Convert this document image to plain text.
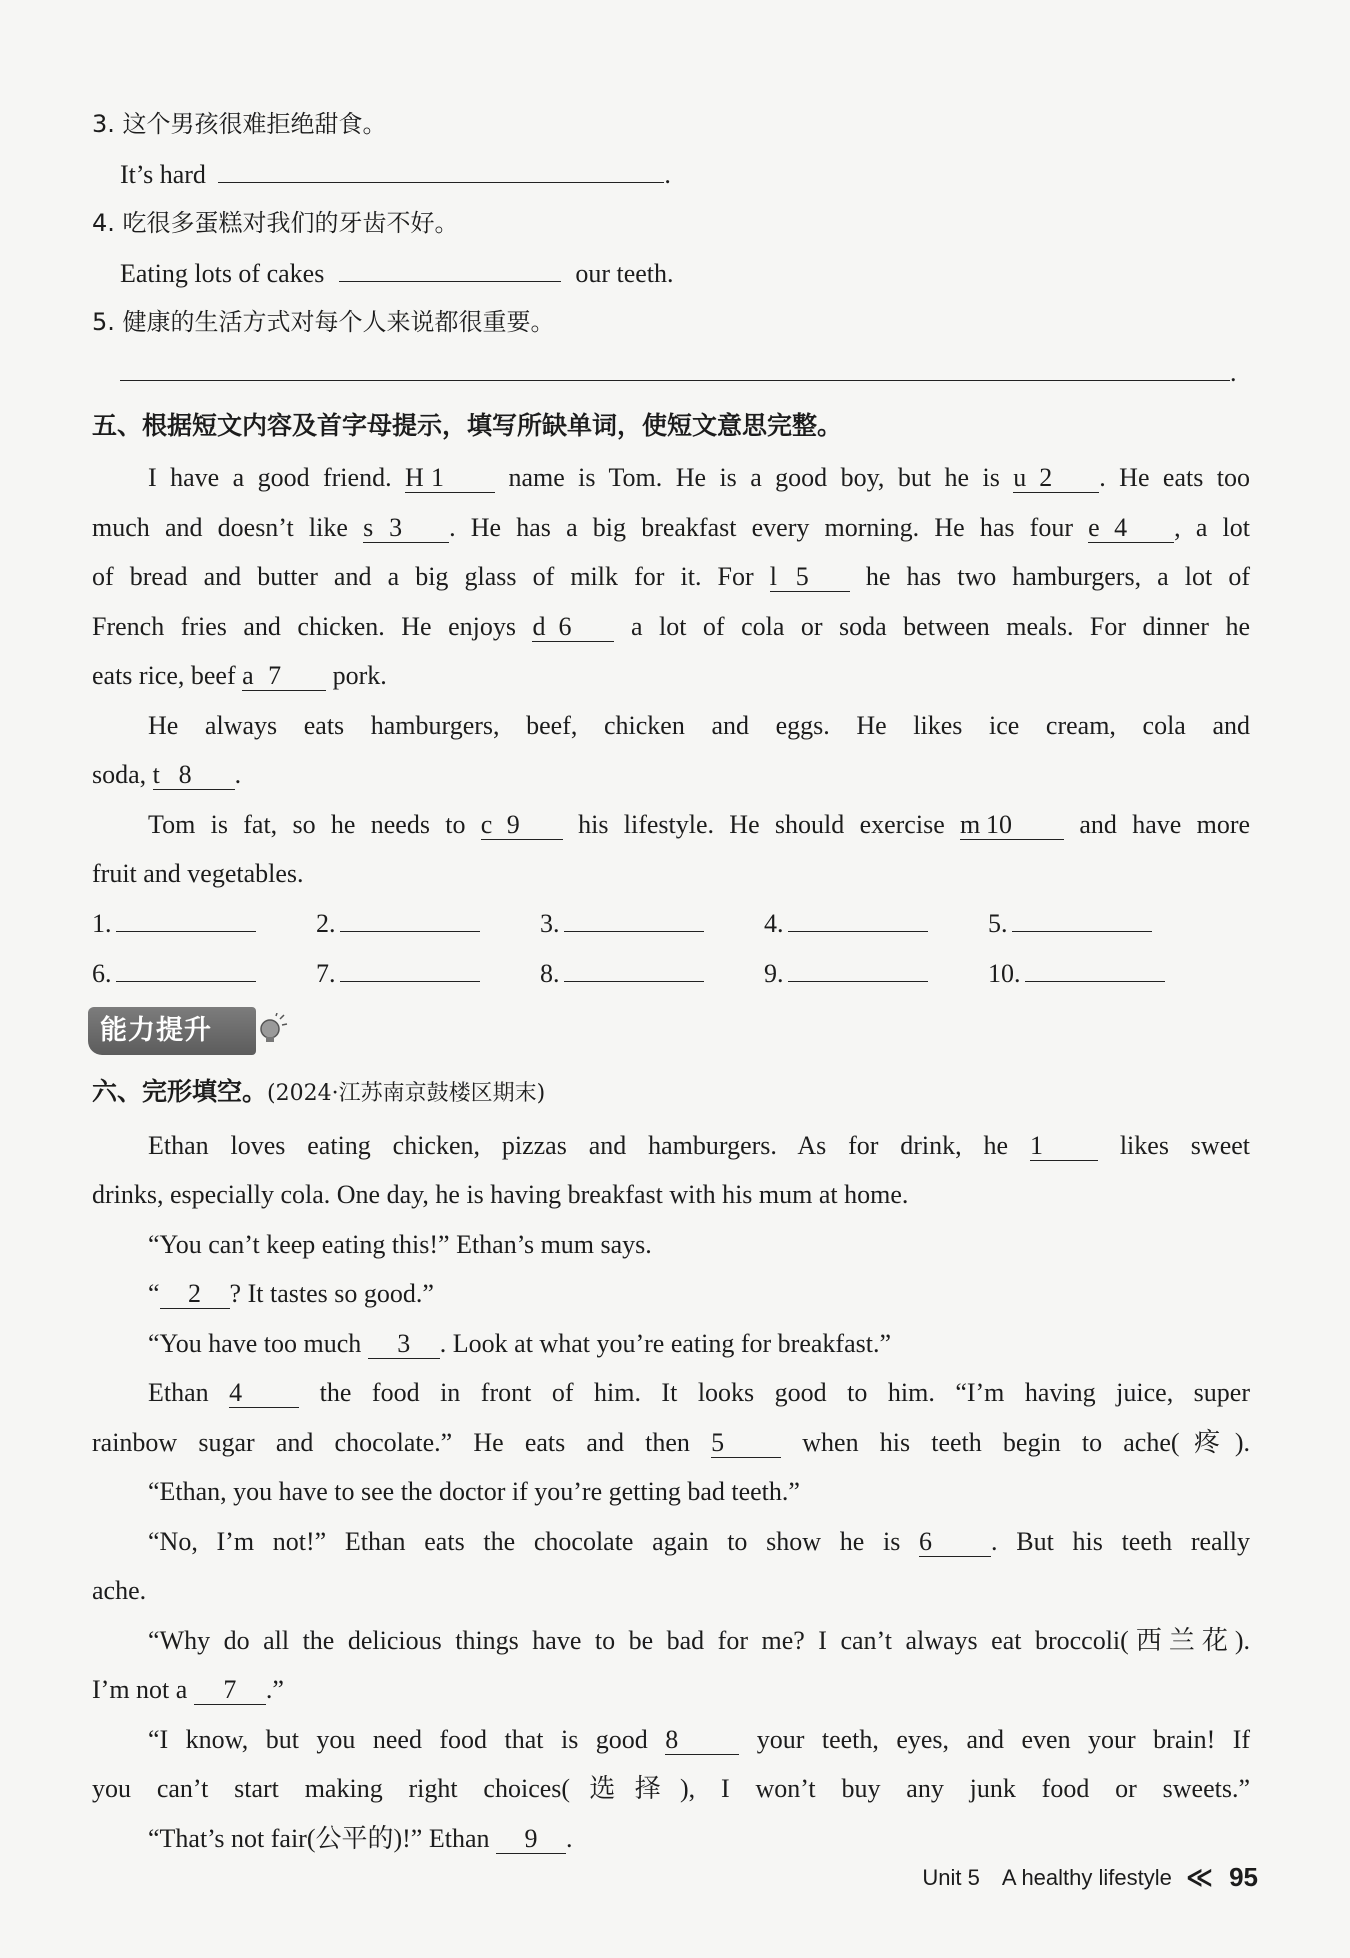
3. 这个男孩很难拒绝甜食。
It’s hard	.
4. 吃很多蛋糕对我们的牙齿不好。
Eating lots of cakes	our teeth.
5. 健康的生活方式对每个人来说都很重要。
.
五、根据短文内容及首字母提示，填写所缺单词，使短文意思完整。
I have a good friend. H 1 name is Tom. He is a good boy, but he is u 2 . He eats too
much and doesn’t like s 3 . He has a big breakfast every morning. He has four e 4 , a lot
of bread and butter and a big glass of milk for it. For l 5 he has two hamburgers, a lot of
French fries and chicken. He enjoys d 6 a lot of cola or soda between meals. For dinner he
eats rice, beef a 7 pork.
He always eats hamburgers, beef, chicken and eggs. He likes ice cream, cola and
soda, t 8 .
Tom is fat, so he needs to c 9 his lifestyle. He should exercise m 10	and have more
fruit and vegetables.
1.	2.	3.	4.	5.
6.	7.	8.	9.	10.
能力提升
六、完形填空。(2024·江苏南京鼓楼区期末)
Ethan loves eating chicken, pizzas and hamburgers. As for drink, he 1	likes sweet
drinks, especially cola. One day, he is having breakfast with his mum at home.
“You can’t keep eating this!” Ethan’s mum says.
“ 2 ? It tastes so good.”
“You have too much 3 . Look at what you’re eating for breakfast.”
Ethan 4	the food in front of him. It looks good to him. “I’m having juice, super
rainbow sugar and chocolate.” He eats and then 5	when his teeth begin to ache(疼).
“Ethan, you have to see the doctor if you’re getting bad teeth.”
“No, I’m not!” Ethan eats the chocolate again to show he is 6 . But his teeth really
ache.
“Why do all the delicious things have to be bad for me? I can’t always eat broccoli(西兰花).
I’m not a 7 .”
“I know, but you need food that is good 8	your teeth, eyes, and even your brain! If
you can’t start making right choices(选择), I won’t buy any junk food or sweets.”
“That’s not fair(公平的)!” Ethan 9 .
Unit 5 A healthy lifestyle ≪ 95
